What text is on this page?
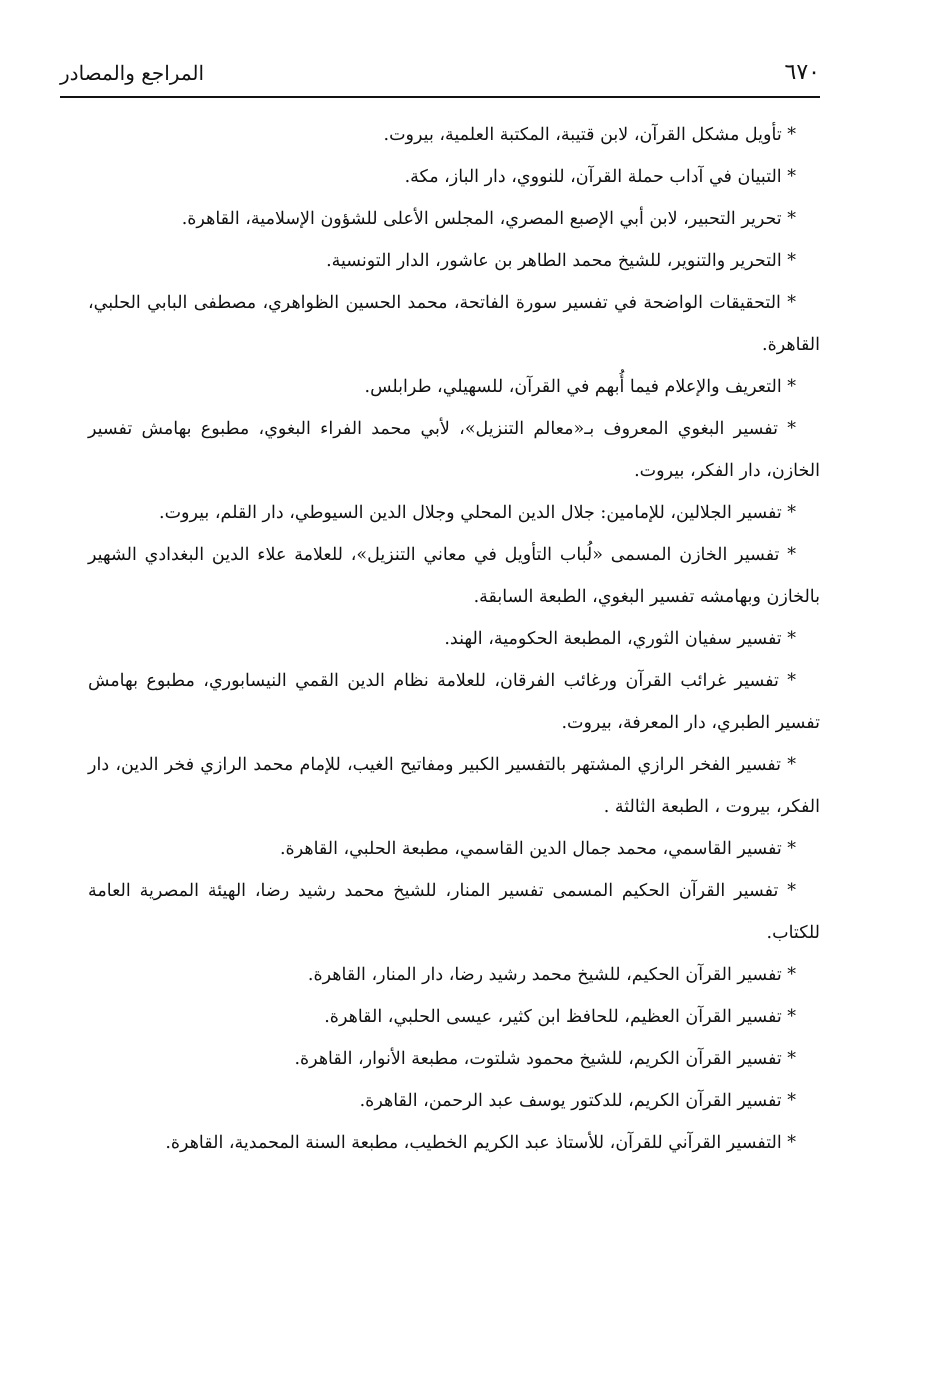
٦٧٠
المراجع والمصادر

* تأويل مشكل القرآن، لابن قتيبة، المكتبة العلمية، بيروت.

* التبيان في آداب حملة القرآن، للنووي، دار الباز، مكة.

* تحرير التحبير، لابن أبي الإصبع المصري، المجلس الأعلى للشؤون الإسلامية، القاهرة.

* التحرير والتنوير، للشيخ محمد الطاهر بن عاشور، الدار التونسية.

* التحقيقات الواضحة في تفسير سورة الفاتحة، محمد الحسين الظواهري، مصطفى البابي الحلبي، القاهرة.

* التعريف والإعلام فيما أُبهم في القرآن، للسهيلي، طرابلس.

* تفسير البغوي المعروف بـ«معالم التنزيل»، لأبي محمد الفراء البغوي، مطبوع بهامش تفسير الخازن، دار الفكر، بيروت.

* تفسير الجلالين، للإمامين: جلال الدين المحلي وجلال الدين السيوطي، دار القلم، بيروت.

* تفسير الخازن المسمى «لُباب التأويل في معاني التنزيل»، للعلامة علاء الدين البغدادي الشهير بالخازن وبهامشه تفسير البغوي، الطبعة السابقة.

* تفسير سفيان الثوري، المطبعة الحكومية، الهند.

* تفسير غرائب القرآن ورغائب الفرقان، للعلامة نظام الدين القمي النيسابوري، مطبوع بهامش تفسير الطبري، دار المعرفة، بيروت.

* تفسير الفخر الرازي المشتهر بالتفسير الكبير ومفاتيح الغيب، للإمام محمد الرازي فخر الدين، دار الفكر، بيروت ، الطبعة الثالثة .

* تفسير القاسمي، محمد جمال الدين القاسمي، مطبعة الحلبي، القاهرة.

* تفسير القرآن الحكيم المسمى تفسير المنار، للشيخ محمد رشيد رضا، الهيئة المصرية العامة للكتاب.

* تفسير القرآن الحكيم، للشيخ محمد رشيد رضا، دار المنار، القاهرة.

* تفسير القرآن العظيم، للحافظ ابن كثير، عيسى الحلبي، القاهرة.

* تفسير القرآن الكريم، للشيخ محمود شلتوت، مطبعة الأنوار، القاهرة.

* تفسير القرآن الكريم، للدكتور يوسف عبد الرحمن، القاهرة.

* التفسير القرآني للقرآن، للأستاذ عبد الكريم الخطيب، مطبعة السنة المحمدية، القاهرة.
